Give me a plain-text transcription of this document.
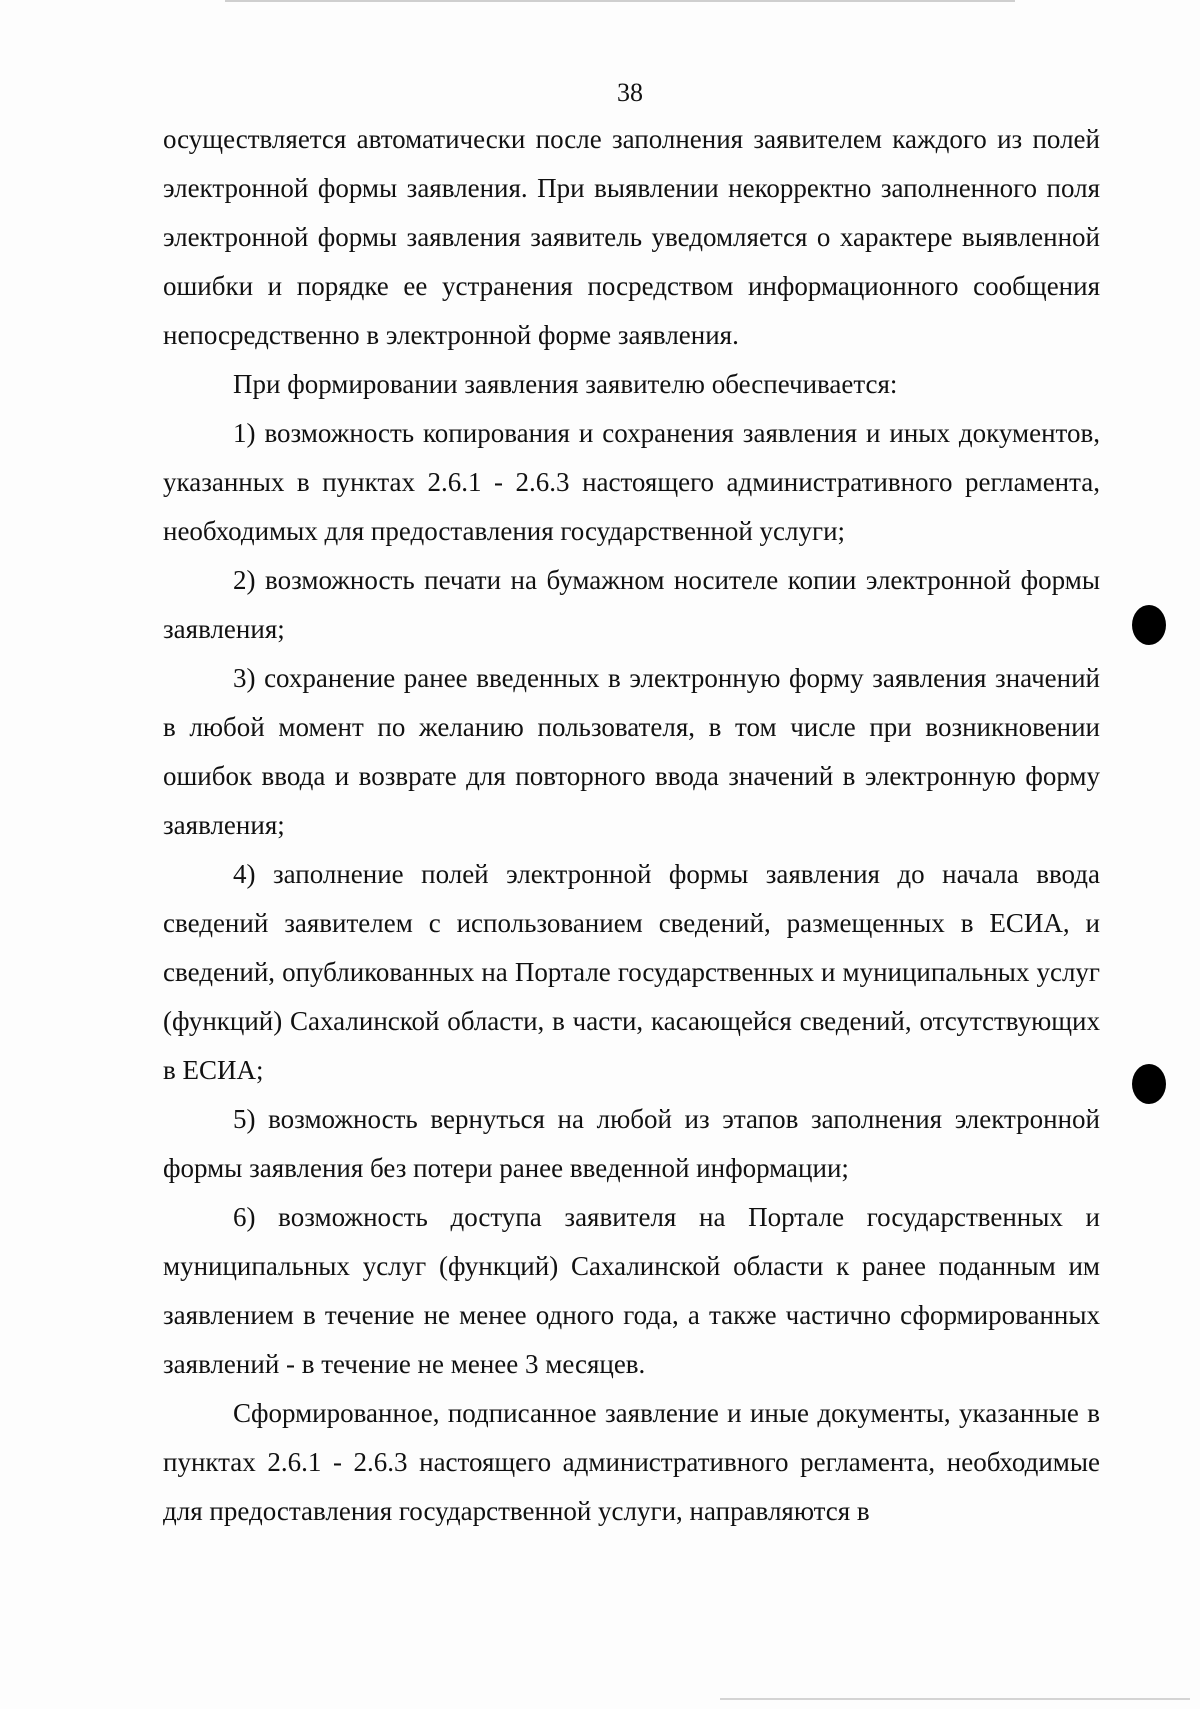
38

осуществляется автоматически после заполнения заявителем каждого из полей электронной формы заявления. При выявлении некорректно заполненного поля электронной формы заявления заявитель уведомляется о характере выявленной ошибки и порядке ее устранения посредством информационного сообщения непосредственно в электронной форме заявления.

При формировании заявления заявителю обеспечивается:

1) возможность копирования и сохранения заявления и иных документов, указанных в пунктах 2.6.1 - 2.6.3 настоящего административного регламента, необходимых для предоставления государственной услуги;

2) возможность печати на бумажном носителе копии электронной формы заявления;

3) сохранение ранее введенных в электронную форму заявления значений в любой момент по желанию пользователя, в том числе при возникновении ошибок ввода и возврате для повторного ввода значений в электронную форму заявления;

4) заполнение полей электронной формы заявления до начала ввода сведений заявителем с использованием сведений, размещенных в ЕСИА, и сведений, опубликованных на Портале государственных и муниципальных услуг (функций) Сахалинской области, в части, касающейся сведений, отсутствующих в ЕСИА;

5) возможность вернуться на любой из этапов заполнения электронной формы заявления без потери ранее введенной информации;

6) возможность доступа заявителя на Портале государственных и муниципальных услуг (функций) Сахалинской области к ранее поданным им заявлением в течение не менее одного года, а также частично сформированных заявлений - в течение не менее 3 месяцев.

Сформированное, подписанное заявление и иные документы, указанные в пунктах 2.6.1 - 2.6.3 настоящего административного регламента, необходимые для предоставления государственной услуги, направляются в
